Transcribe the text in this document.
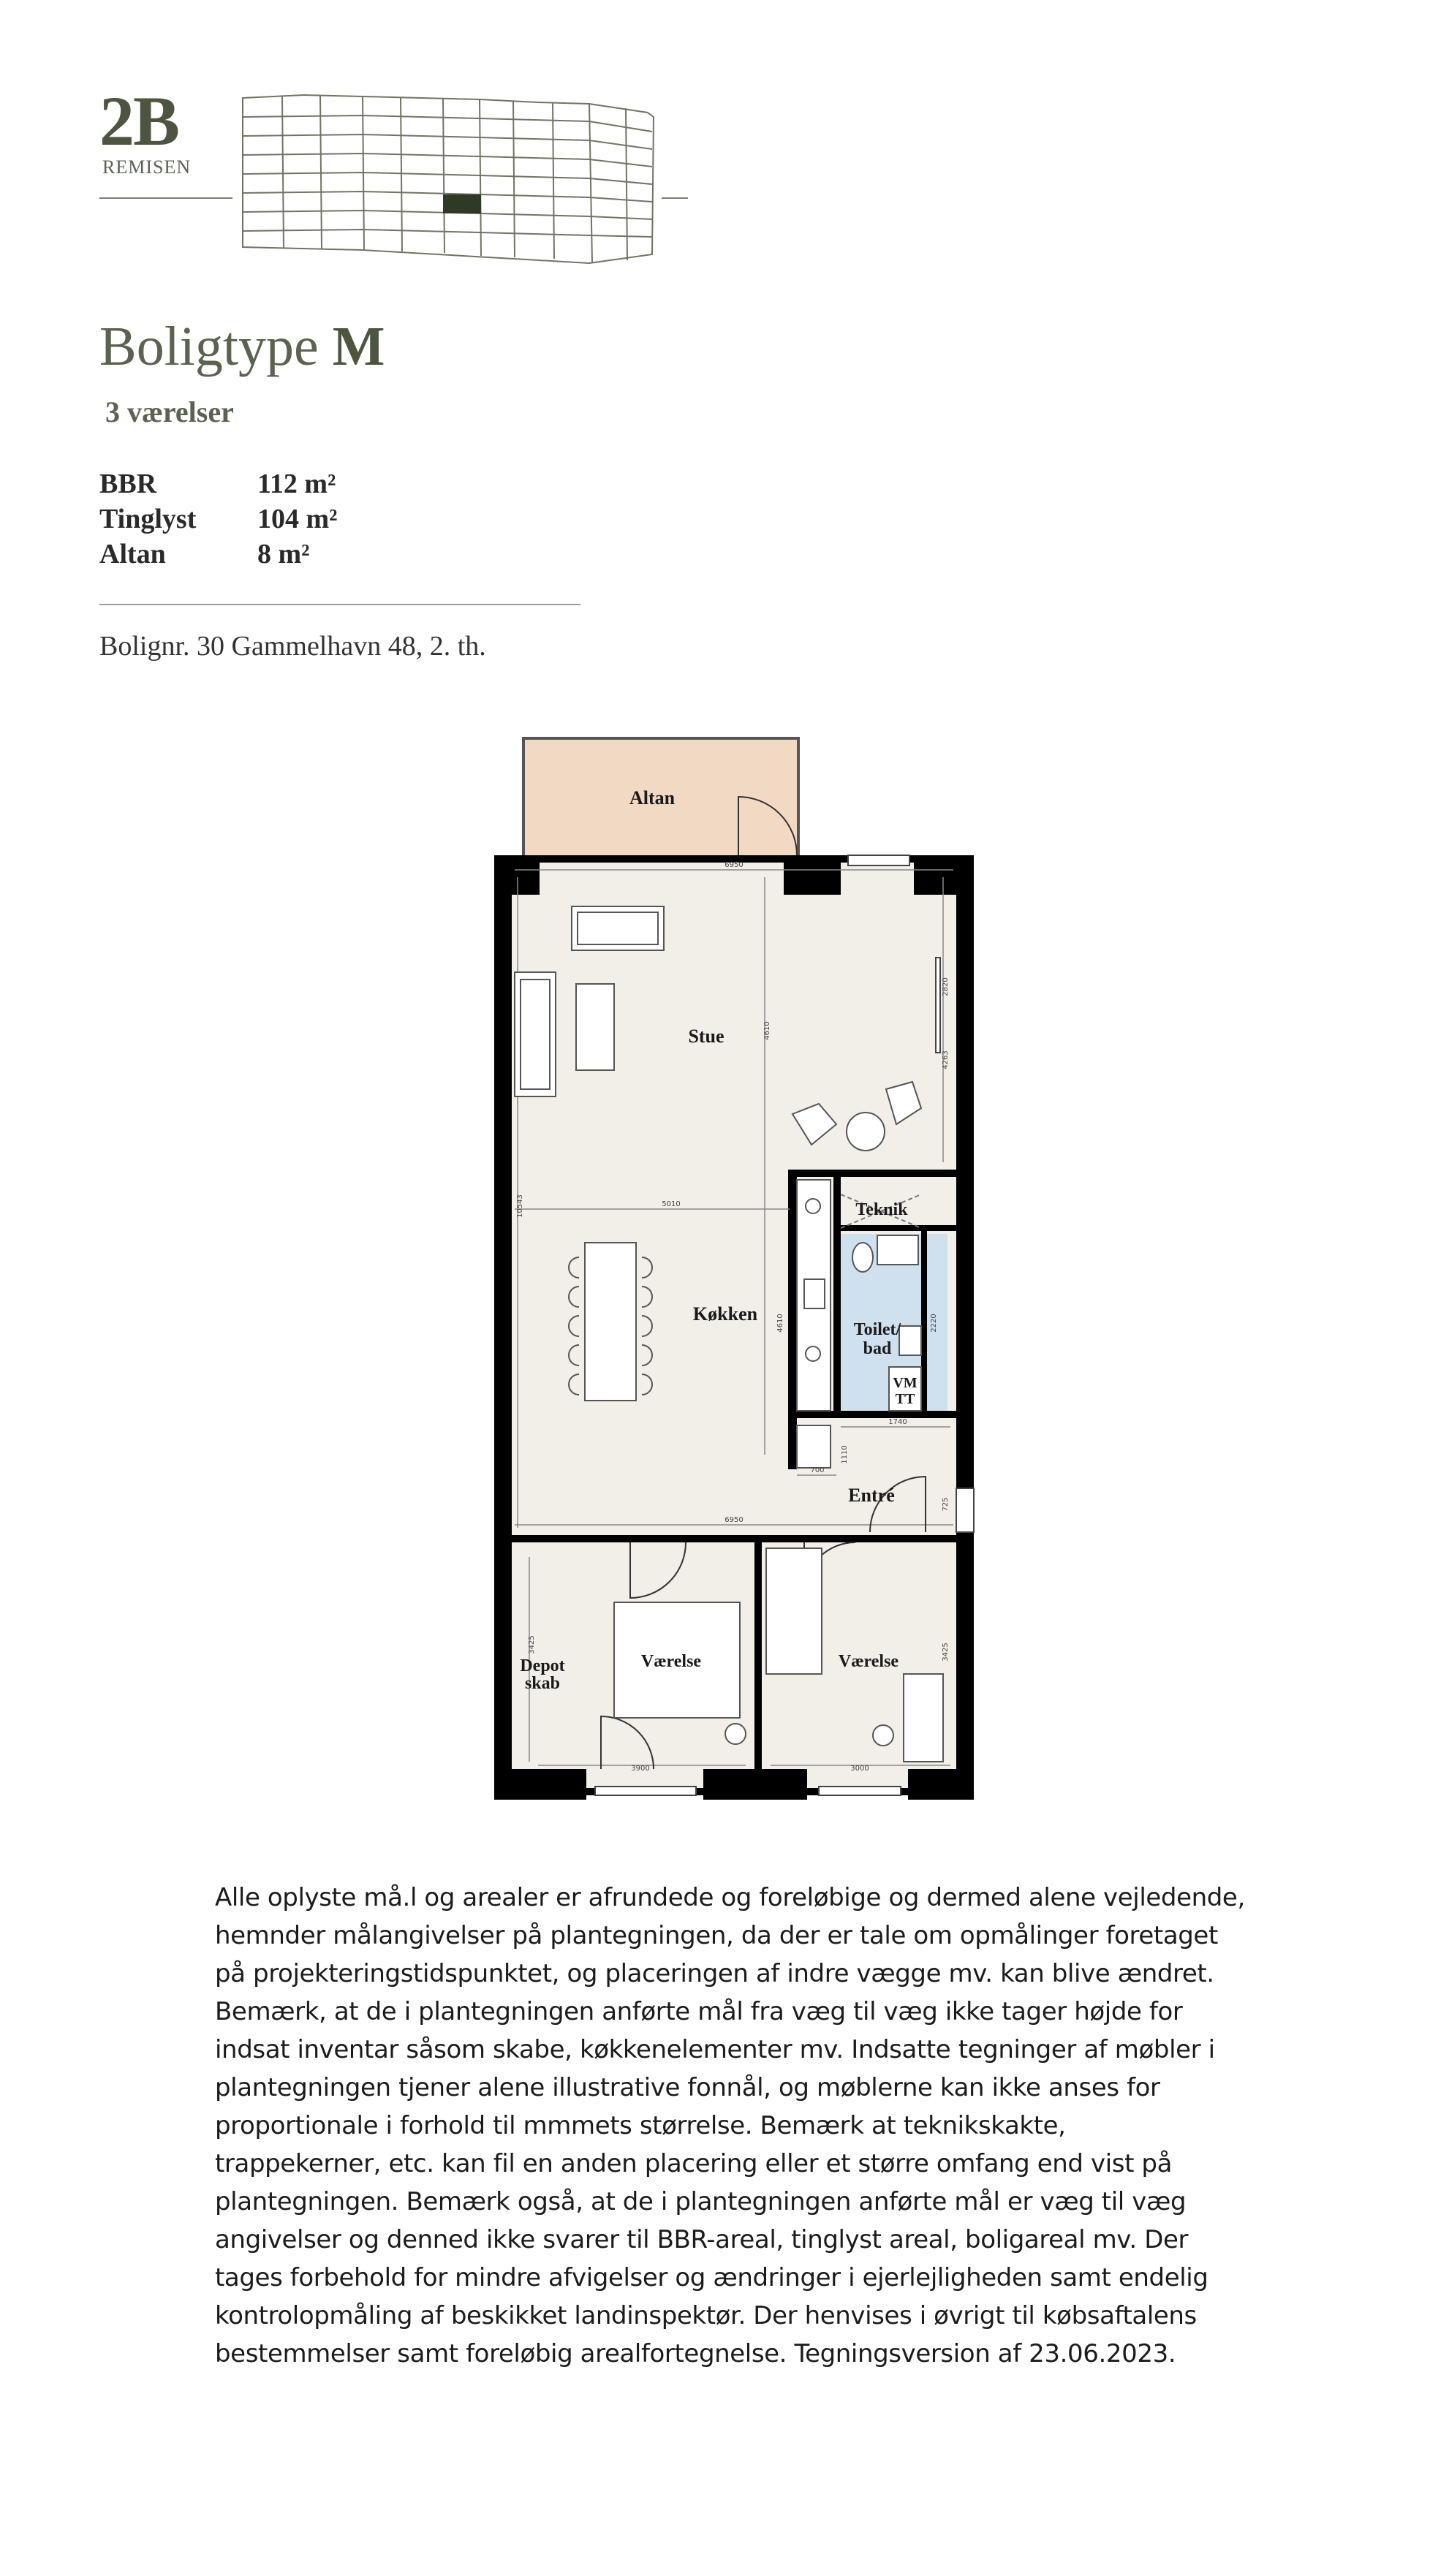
2B
REMISEN
Boligtype M
3 værelser
BBR	112 m²
Tinglyst 104 m²
Altan	8 m²
Bolignr. 30 Gammelhavn 48, 2. th.
Altan
Stue
Teknik
Køkken
Toilet/
bad
VM
TT
Entré
Depot
skab
Værelse	Værelse
6950
4610
2820
4263
10543	5010
4610	2220
1740
700
725
1110
6950
3425	3425
3900	3000

Alle oplyste må.l og arealer er afrundede og foreløbige og dermed alene vejledende,

hemnder målangivelser på plantegningen, da der er tale om opmålinger foretaget

på projekteringstidspunktet, og placeringen af indre vægge mv. kan blive ændret.

Bemærk, at de i plantegningen anførte mål fra væg til væg ikke tager højde for

indsat inventar såsom skabe, køkkenelementer mv. Indsatte tegninger af møbler i

plantegningen tjener alene illustrative fonnål, og møblerne kan ikke anses for

proportionale i forhold til mmmets størrelse. Bemærk at teknikskakte,

trappekerner, etc. kan fil en anden placering eller et større omfang end vist på

plantegningen. Bemærk også, at de i plantegningen anførte mål er væg til væg

angivelser og denned ikke svarer til BBR-areal, tinglyst areal, boligareal mv. Der

tages forbehold for mindre afvigelser og ændringer i ejerlejligheden samt endelig

kontrolopmåling af beskikket landinspektør. Der henvises i øvrigt til købsaftalens

bestemmelser samt foreløbig arealfortegnelse. Tegningsversion af 23.06.2023.
